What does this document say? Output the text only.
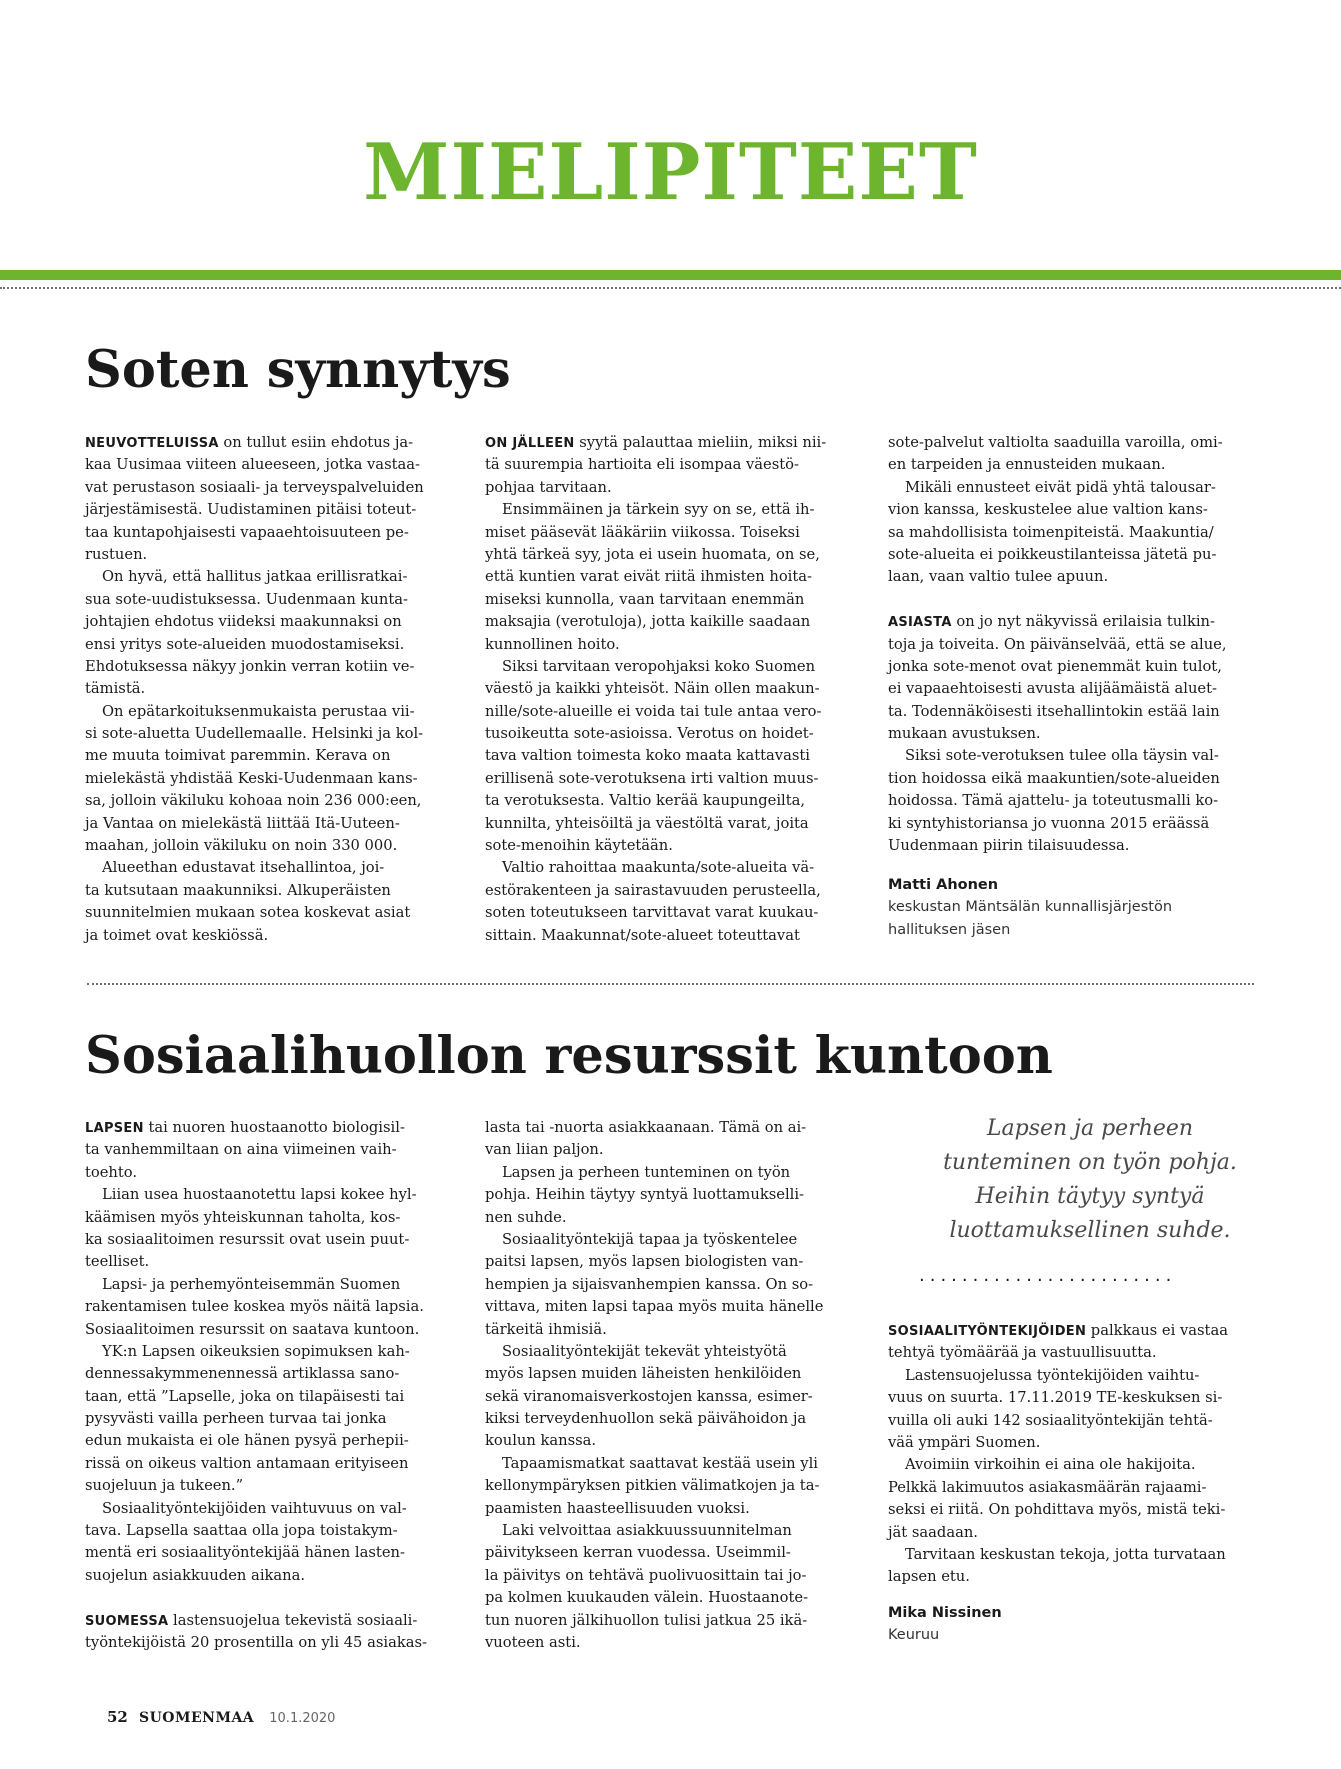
MIELIPITEET
Soten synnytys
NEUVOTTELUISSA on tullut esiin ehdotus ja-
kaa Uusimaa viiteen alueeseen, jotka vastaa-
vat perustason sosiaali- ja terveyspalveluiden
järjestämisestä. Uudistaminen pitäisi toteut-
taa kuntapohjaisesti vapaaehtoisuuteen pe-
rustuen.
On hyvä, että hallitus jatkaa erillisratkai-
sua sote-uudistuksessa. Uudenmaan kunta-
johtajien ehdotus viideksi maakunnaksi on
ensi yritys sote-alueiden muodostamiseksi.
Ehdotuksessa näkyy jonkin verran kotiin ve-
tämistä.
On epätarkoituksenmukaista perustaa vii-
si sote-aluetta Uudellemaalle. Helsinki ja kol-
me muuta toimivat paremmin. Kerava on
mielekästä yhdistää Keski-Uudenmaan kans-
sa, jolloin väkiluku kohoaa noin 236 000:een,
ja Vantaa on mielekästä liittää Itä-Uuteen-
maahan, jolloin väkiluku on noin 330 000.
Alueethan edustavat itsehallintoa, joi-
ta kutsutaan maakunniksi. Alkuperäisten
suunnitelmien mukaan sotea koskevat asiat
ja toimet ovat keskiössä.
ON JÄLLEEN syytä palauttaa mieliin, miksi nii-
tä suurempia hartioita eli isompaa väestö-
pohjaa tarvitaan.
Ensimmäinen ja tärkein syy on se, että ih-
miset pääsevät lääkäriin viikossa. Toiseksi
yhtä tärkeä syy, jota ei usein huomata, on se,
että kuntien varat eivät riitä ihmisten hoita-
miseksi kunnolla, vaan tarvitaan enemmän
maksajia (verotuloja), jotta kaikille saadaan
kunnollinen hoito.
Siksi tarvitaan veropohjaksi koko Suomen
väestö ja kaikki yhteisöt. Näin ollen maakun-
nille/sote-alueille ei voida tai tule antaa vero-
tusoikeutta sote-asioissa. Verotus on hoidet-
tava valtion toimesta koko maata kattavasti
erillisenä sote-verotuksena irti valtion muus-
ta verotuksesta. Valtio kerää kaupungeilta,
kunnilta, yhteisöiltä ja väestöltä varat, joita
sote-menoihin käytetään.
Valtio rahoittaa maakunta/sote-alueita vä-
estörakenteen ja sairastavuuden perusteella,
soten toteutukseen tarvittavat varat kuukau-
sittain. Maakunnat/sote-alueet toteuttavat
sote-palvelut valtiolta saaduilla varoilla, omi-
en tarpeiden ja ennusteiden mukaan.
Mikäli ennusteet eivät pidä yhtä talousar-
vion kanssa, keskustelee alue valtion kans-
sa mahdollisista toimenpiteistä. Maakuntia/
sote-alueita ei poikkeustilanteissa jätetä pu-
laan, vaan valtio tulee apuun.
ASIASTA on jo nyt näkyvissä erilaisia tulkin-
toja ja toiveita. On päivänselvää, että se alue,
jonka sote-menot ovat pienemmät kuin tulot,
ei vapaaehtoisesti avusta alijäämäistä aluet-
ta. Todennäköisesti itsehallintokin estää lain
mukaan avustuksen.
Siksi sote-verotuksen tulee olla täysin val-
tion hoidossa eikä maakuntien/sote-alueiden
hoidossa. Tämä ajattelu- ja toteutusmalli ko-
ki syntyhistoriansa jo vuonna 2015 eräässä
Uudenmaan piirin tilaisuudessa.
Matti Ahonen
keskustan Mäntsälän kunnallisjärjestön
hallituksen jäsen
Sosiaalihuollon resurssit kuntoon
LAPSEN tai nuoren huostaanotto biologisil-
ta vanhemmiltaan on aina viimeinen vaih-
toehto.
Liian usea huostaanotettu lapsi kokee hyl-
käämisen myös yhteiskunnan taholta, kos-
ka sosiaalitoimen resurssit ovat usein puut-
teelliset.
Lapsi- ja perhemyönteisemmän Suomen
rakentamisen tulee koskea myös näitä lapsia.
Sosiaalitoimen resurssit on saatava kuntoon.
YK:n Lapsen oikeuksien sopimuksen kah-
dennessakymmenennessä artiklassa sano-
taan, että ”Lapselle, joka on tilapäisesti tai
pysyvästi vailla perheen turvaa tai jonka
edun mukaista ei ole hänen pysyä perhepii-
rissä on oikeus valtion antamaan erityiseen
suojeluun ja tukeen.”
Sosiaalityöntekijöiden vaihtuvuus on val-
tava. Lapsella saattaa olla jopa toistakym-
mentä eri sosiaalityöntekijää hänen lasten-
suojelun asiakkuuden aikana.
SUOMESSA lastensuojelua tekevistä sosiaali-
työntekijöistä 20 prosentilla on yli 45 asiakas-
lasta tai -nuorta asiakkaanaan. Tämä on ai-
van liian paljon.
Lapsen ja perheen tunteminen on työn
pohja. Heihin täytyy syntyä luottamukselli-
nen suhde.
Sosiaalityöntekijä tapaa ja työskentelee
paitsi lapsen, myös lapsen biologisten van-
hempien ja sijaisvanhempien kanssa. On so-
vittava, miten lapsi tapaa myös muita hänelle
tärkeitä ihmisiä.
Sosiaalityöntekijät tekevät yhteistyötä
myös lapsen muiden läheisten henkilöiden
sekä viranomaisverkostojen kanssa, esimer-
kiksi terveydenhuollon sekä päivähoidon ja
koulun kanssa.
Tapaamismatkat saattavat kestää usein yli
kellonympäryksen pitkien välimatkojen ja ta-
paamisten haasteellisuuden vuoksi.
Laki velvoittaa asiakkuussuunnitelman
päivitykseen kerran vuodessa. Useimmil-
la päivitys on tehtävä puolivuosittain tai jo-
pa kolmen kuukauden välein. Huostaanote-
tun nuoren jälkihuollon tulisi jatkua 25 ikä-
vuoteen asti.
Lapsen ja perheen
tunteminen on työn pohja.
Heihin täytyy syntyä
luottamuksellinen suhde.
........................
SOSIAALITYÖNTEKIJÖIDEN palkkaus ei vastaa
tehtyä työmäärää ja vastuullisuutta.
Lastensuojelussa työntekijöiden vaihtu-
vuus on suurta. 17.11.2019 TE-keskuksen si-
vuilla oli auki 142 sosiaalityöntekijän tehtä-
vää ympäri Suomen.
Avoimiin virkoihin ei aina ole hakijoita.
Pelkkä lakimuutos asiakasmäärän rajaami-
seksi ei riitä. On pohdittava myös, mistä teki-
jät saadaan.
Tarvitaan keskustan tekoja, jotta turvataan
lapsen etu.
Mika Nissinen
Keuruu
52 SUOMENMAA 10.1.2020
